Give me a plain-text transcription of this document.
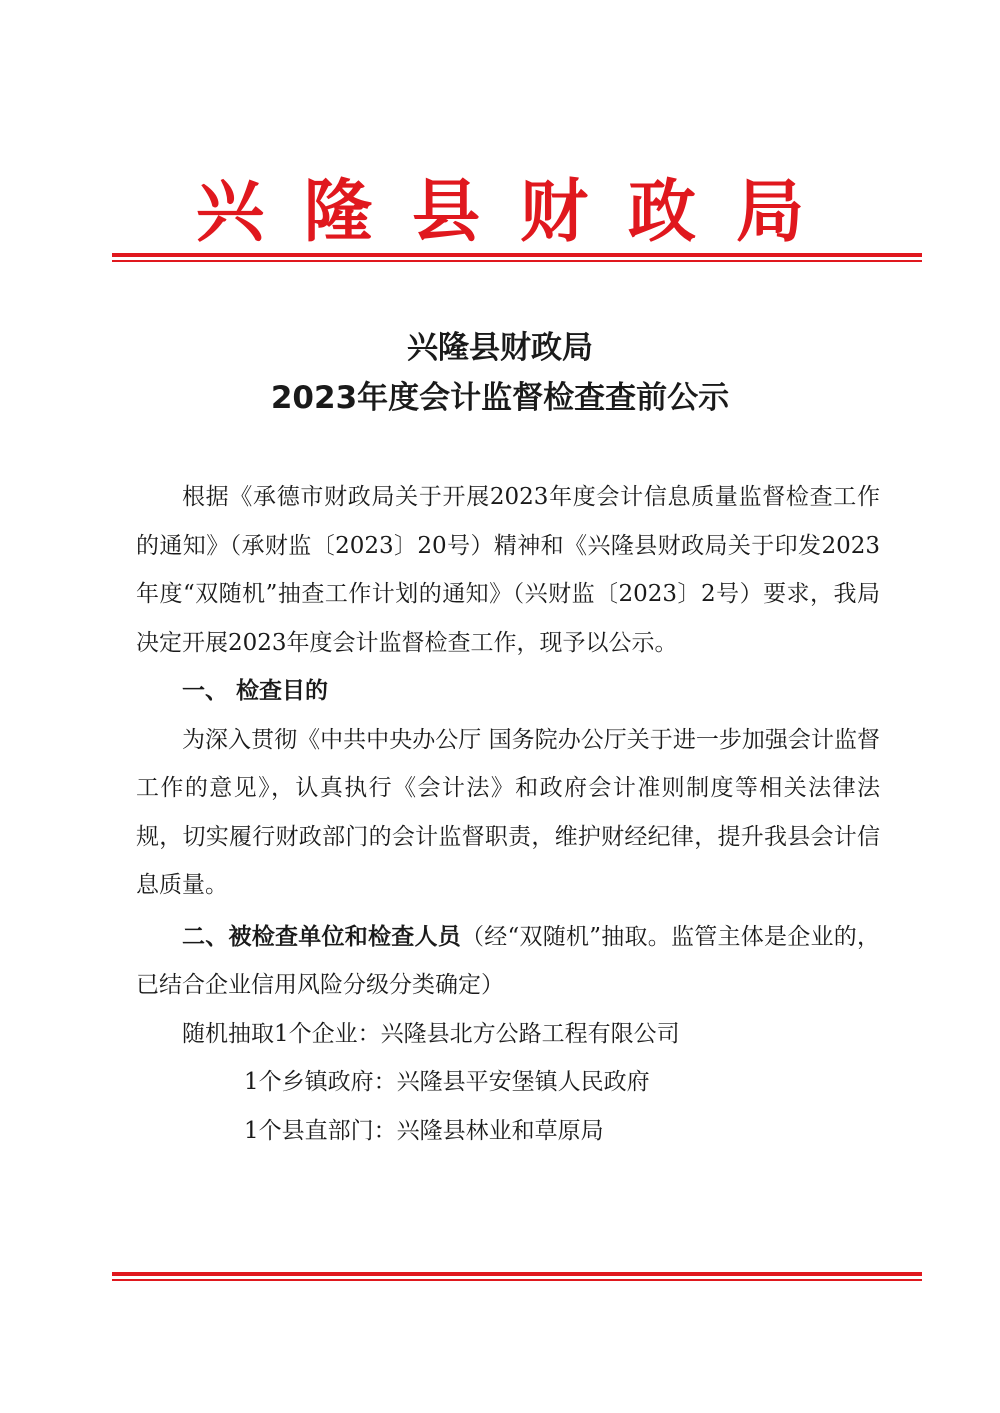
兴隆县财政局
兴隆县财政局
2023年度会计监督检查查前公示

根据《承德市财政局关于开展2023年度会计信息质量监督检查工作的通知》（承财监〔2023〕20号）精神和《兴隆县财政局关于印发2023年度“双随机”抽查工作计划的通知》（兴财监〔2023〕2号）要求，我局决定开展2023年度会计监督检查工作，现予以公示。

一、 检查目的

为深入贯彻《中共中央办公厅 国务院办公厅关于进一步加强会计监督工作的意见》，认真执行《会计法》和政府会计准则制度等相关法律法规，切实履行财政部门的会计监督职责，维护财经纪律，提升我县会计信息质量。

二、被检查单位和检查人员（经“双随机”抽取。监管主体是企业的，已结合企业信用风险分级分类确定）

随机抽取1个企业：兴隆县北方公路工程有限公司

1个乡镇政府：兴隆县平安堡镇人民政府

1个县直部门：兴隆县林业和草原局
